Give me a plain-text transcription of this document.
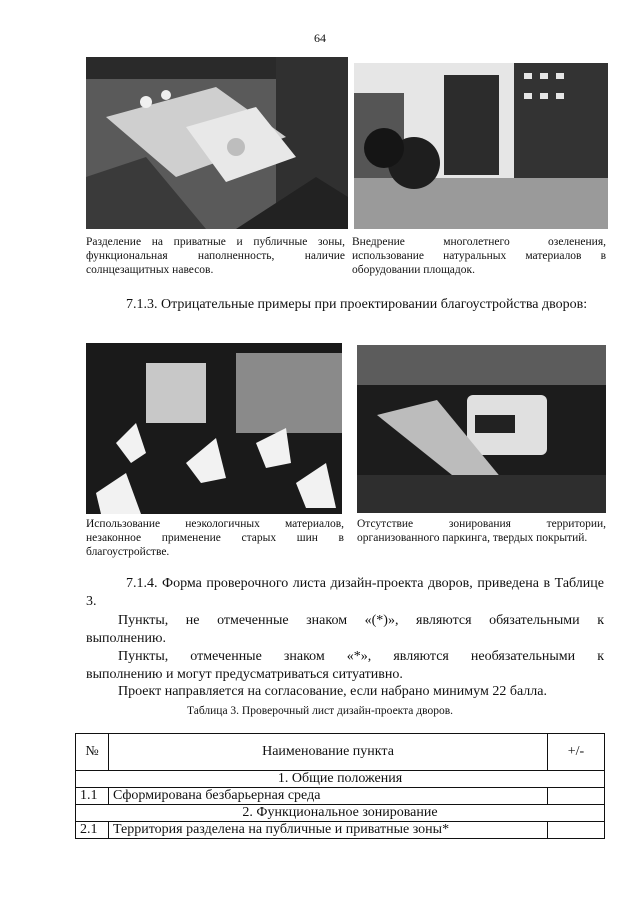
64
Разделение на приватные и публичные зоны, функциональная наполненность, наличие солнцезащитных навесов.
Внедрение многолетнего озеленения, использование натуральных материалов в оборудовании площадок.
7.1.3. Отрицательные примеры при проектировании благоустройства дворов:
Использование неэкологичных материалов, незаконное применение старых шин в благоустройстве.
Отсутствие зонирования территории, организованного паркинга, твердых покрытий.
7.1.4. Форма проверочного листа дизайн-проекта дворов, приведена в Таблице 3.
Пункты, не отмеченные знаком «(*)», являются обязательными к
выполнению.
Пункты, отмеченные знаком «*», являются необязательными к
выполнению и могут предусматриваться ситуативно.
Проект направляется на согласование, если набрано минимум 22 балла.
Таблица 3. Проверочный лист дизайн-проекта дворов.
№	Наименование пункта	+/-
1. Общие положения		
1.1	Сформирована безбарьерная среда	
2. Функциональное зонирование		
2.1	Территория разделена на публичные и приватные зоны*	
